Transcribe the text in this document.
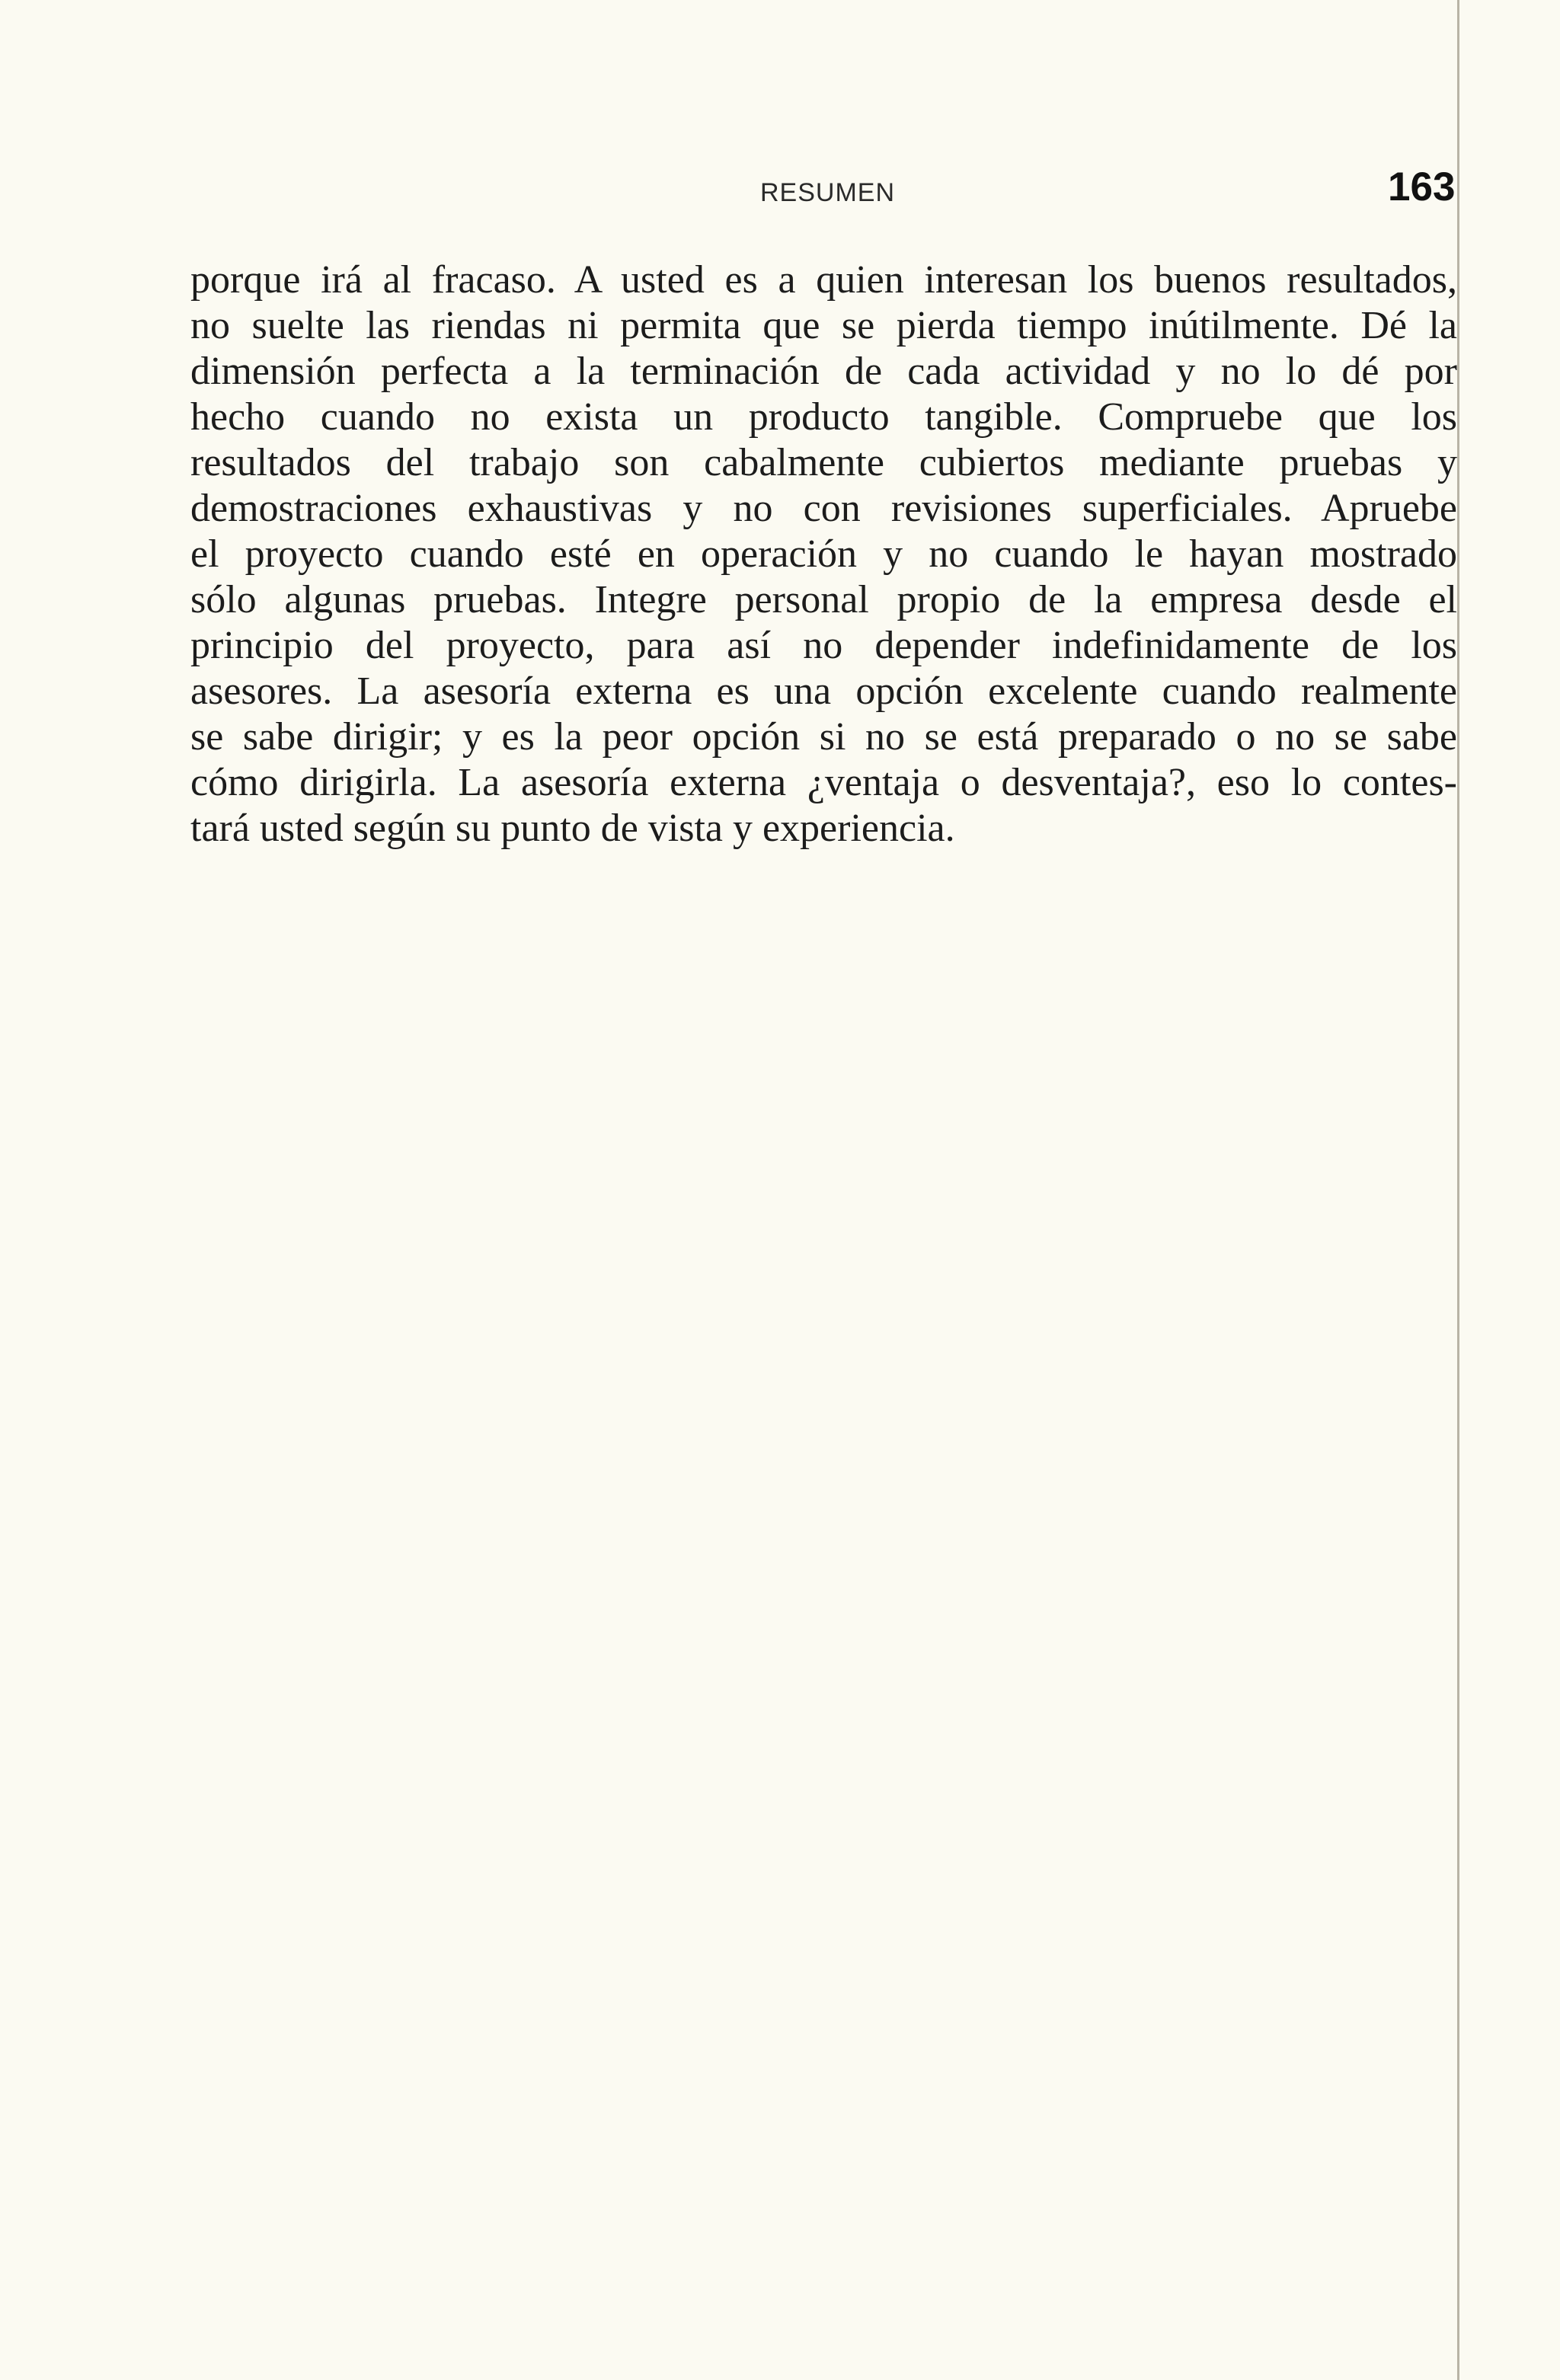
RESUMEN	163
porque irá al fracaso. A usted es a quien interesan los buenos resultados,
no suelte las riendas ni permita que se pierda tiempo inútilmente. Dé la
dimensión perfecta a la terminación de cada actividad y no lo dé por
hecho cuando no exista un producto tangible. Compruebe que los
resultados del trabajo son cabalmente cubiertos mediante pruebas y
demostraciones exhaustivas y no con revisiones superficiales. Apruebe
el proyecto cuando esté en operación y no cuando le hayan mostrado
sólo algunas pruebas. Integre personal propio de la empresa desde el
principio del proyecto, para así no depender indefinidamente de los
asesores. La asesoría externa es una opción excelente cuando realmente
se sabe dirigir; y es la peor opción si no se está preparado o no se sabe
cómo dirigirla. La asesoría externa ¿ventaja o desventaja?, eso lo contes-
tará usted según su punto de vista y experiencia.
